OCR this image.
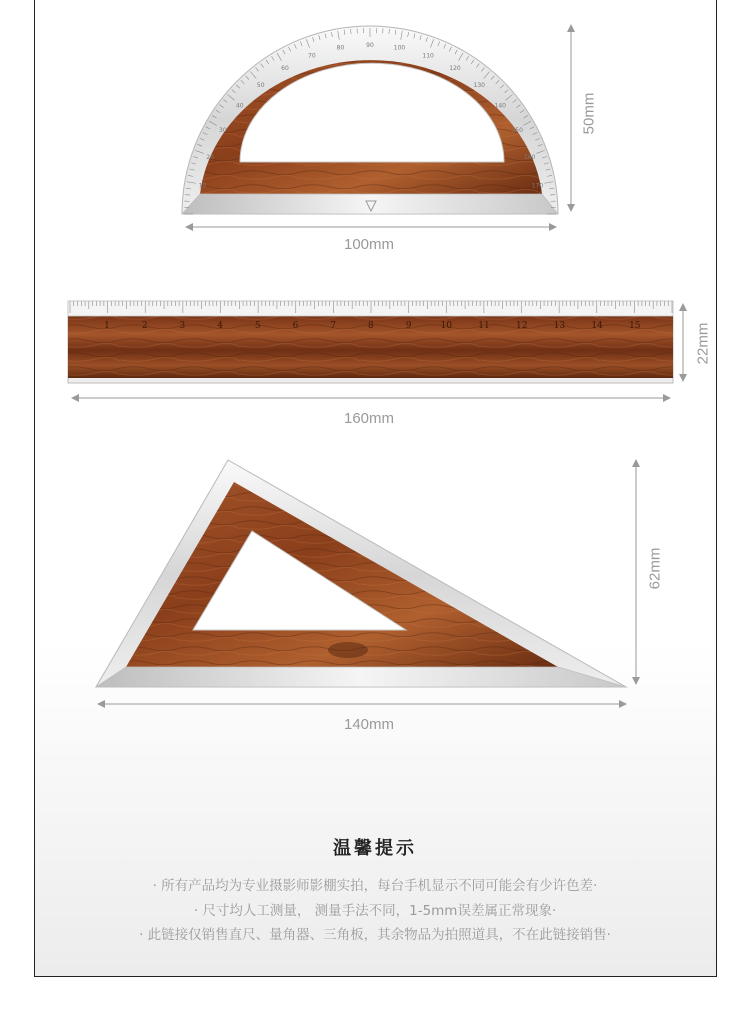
10
20
30
40
50
60
70
80	90	100
110
120
130
140
150
160
170
1	2	3	4	5	6	7	8	9	10	11	12	13	14	15
100mm
50mm
160mm
22mm
140mm
62mm
温馨提示
· 所有产品均为专业摄影师影棚实拍，每台手机显示不同可能会有少许色差·
· 尺寸均人工测量， 测量手法不同，1-5mm误差属正常现象·
· 此链接仅销售直尺、量角器、三角板，其余物品为拍照道具，不在此链接销售·
